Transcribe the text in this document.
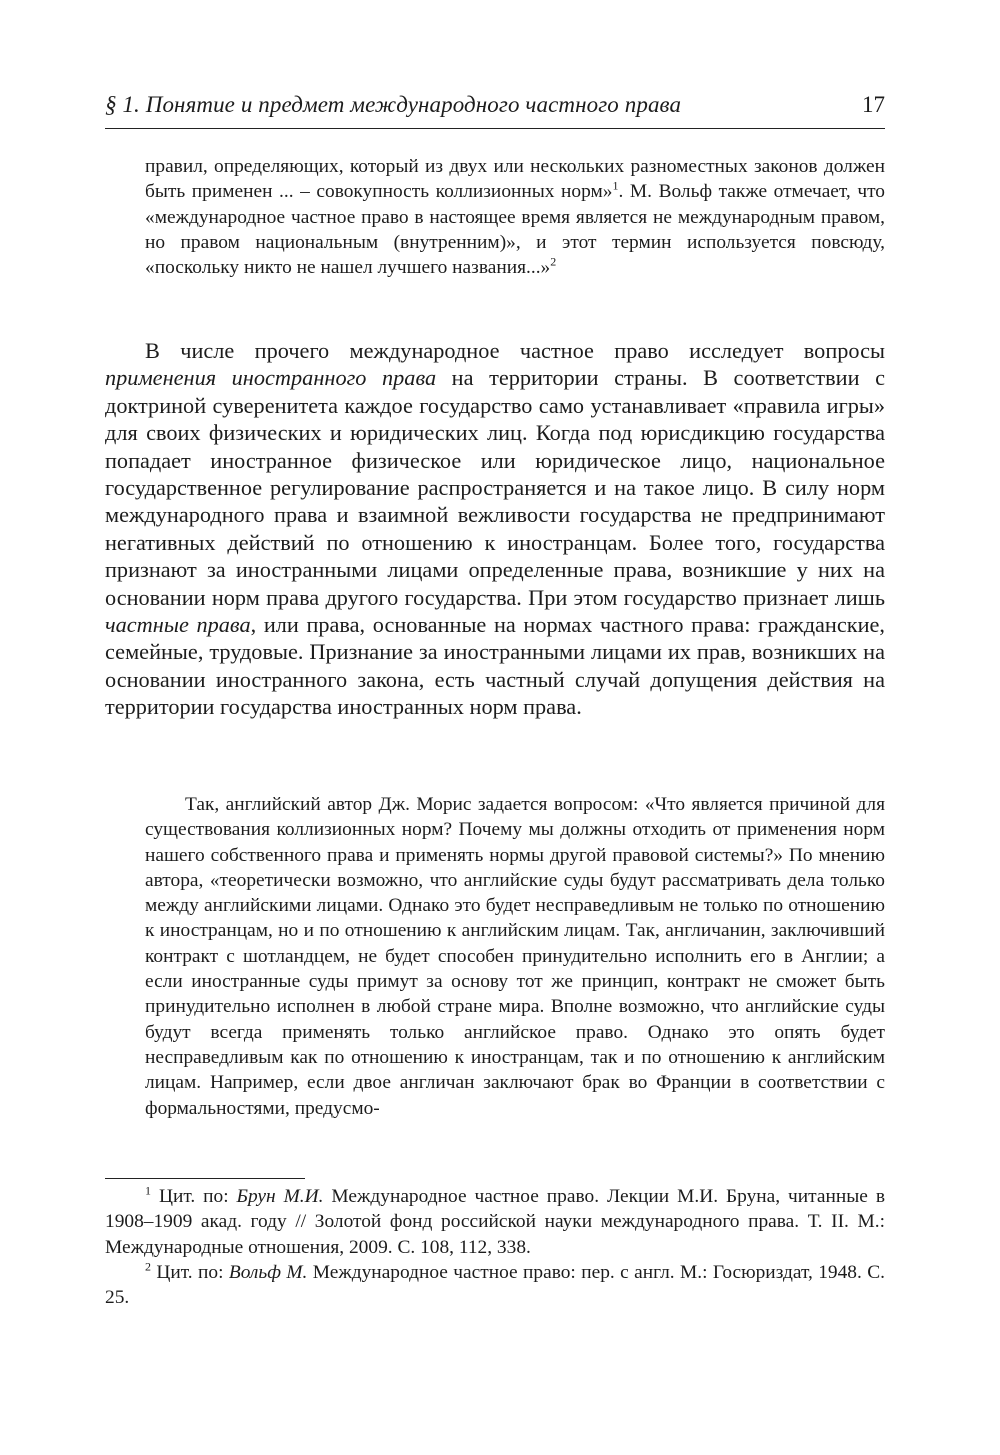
§ 1. Понятие и предмет международного частного права	17
правил, определяющих, который из двух или нескольких разноместных законов должен быть применен ... – совокупность коллизионных норм»$^1$. М. Вольф также отмечает, что «международное частное право в настоящее время является не международным правом, но правом национальным (внутренним)», и этот термин используется повсюду, «поскольку никто не нашел лучшего названия...»$^2$
В числе прочего международное частное право исследует вопросы применения иностранного права на территории страны. В соответствии с доктриной суверенитета каждое государство само устанавливает «правила игры» для своих физических и юридических лиц. Когда под юрисдикцию государства попадает иностранное физическое или юридическое лицо, национальное государственное регулирование распространяется и на такое лицо. В силу норм международного права и взаимной вежливости государства не предпринимают негативных действий по отношению к иностранцам. Более того, государства признают за иностранными лицами определенные права, возникшие у них на основании норм права другого государства. При этом государство признает лишь частные права, или права, основанные на нормах частного права: гражданские, семейные, трудовые. Признание за иностранными лицами их прав, возникших на основании иностранного закона, есть частный случай допущения действия на территории государства иностранных норм права.
Так, английский автор Дж. Морис задается вопросом: «Что является причиной для существования коллизионных норм? Почему мы должны отходить от применения норм нашего собственного права и применять нормы другой правовой системы?» По мнению автора, «теоретически возможно, что английские суды будут рассматривать дела только между английскими лицами. Однако это будет несправедливым не только по отношению к иностранцам, но и по отношению к английским лицам. Так, англичанин, заключивший контракт с шотландцем, не будет способен принудительно исполнить его в Англии; а если иностранные суды примут за основу тот же принцип, контракт не сможет быть принудительно исполнен в любой стране мира. Вполне возможно, что английские суды будут всегда применять только английское право. Однако это опять будет несправедливым как по отношению к иностранцам, так и по отношению к английским лицам. Например, если двое англичан заключают брак во Франции в соответствии с формальностями, предусмо-
$^1$ Цит. по: Брун М.И. Международное частное право. Лекции М.И. Бруна, читанные в 1908–1909 акад. году // Золотой фонд российской науки международного права. Т. II. М.: Международные отношения, 2009. С. 108, 112, 338.
$^2$ Цит. по: Вольф М. Международное частное право: пер. с англ. М.: Госюриздат, 1948. С. 25.
